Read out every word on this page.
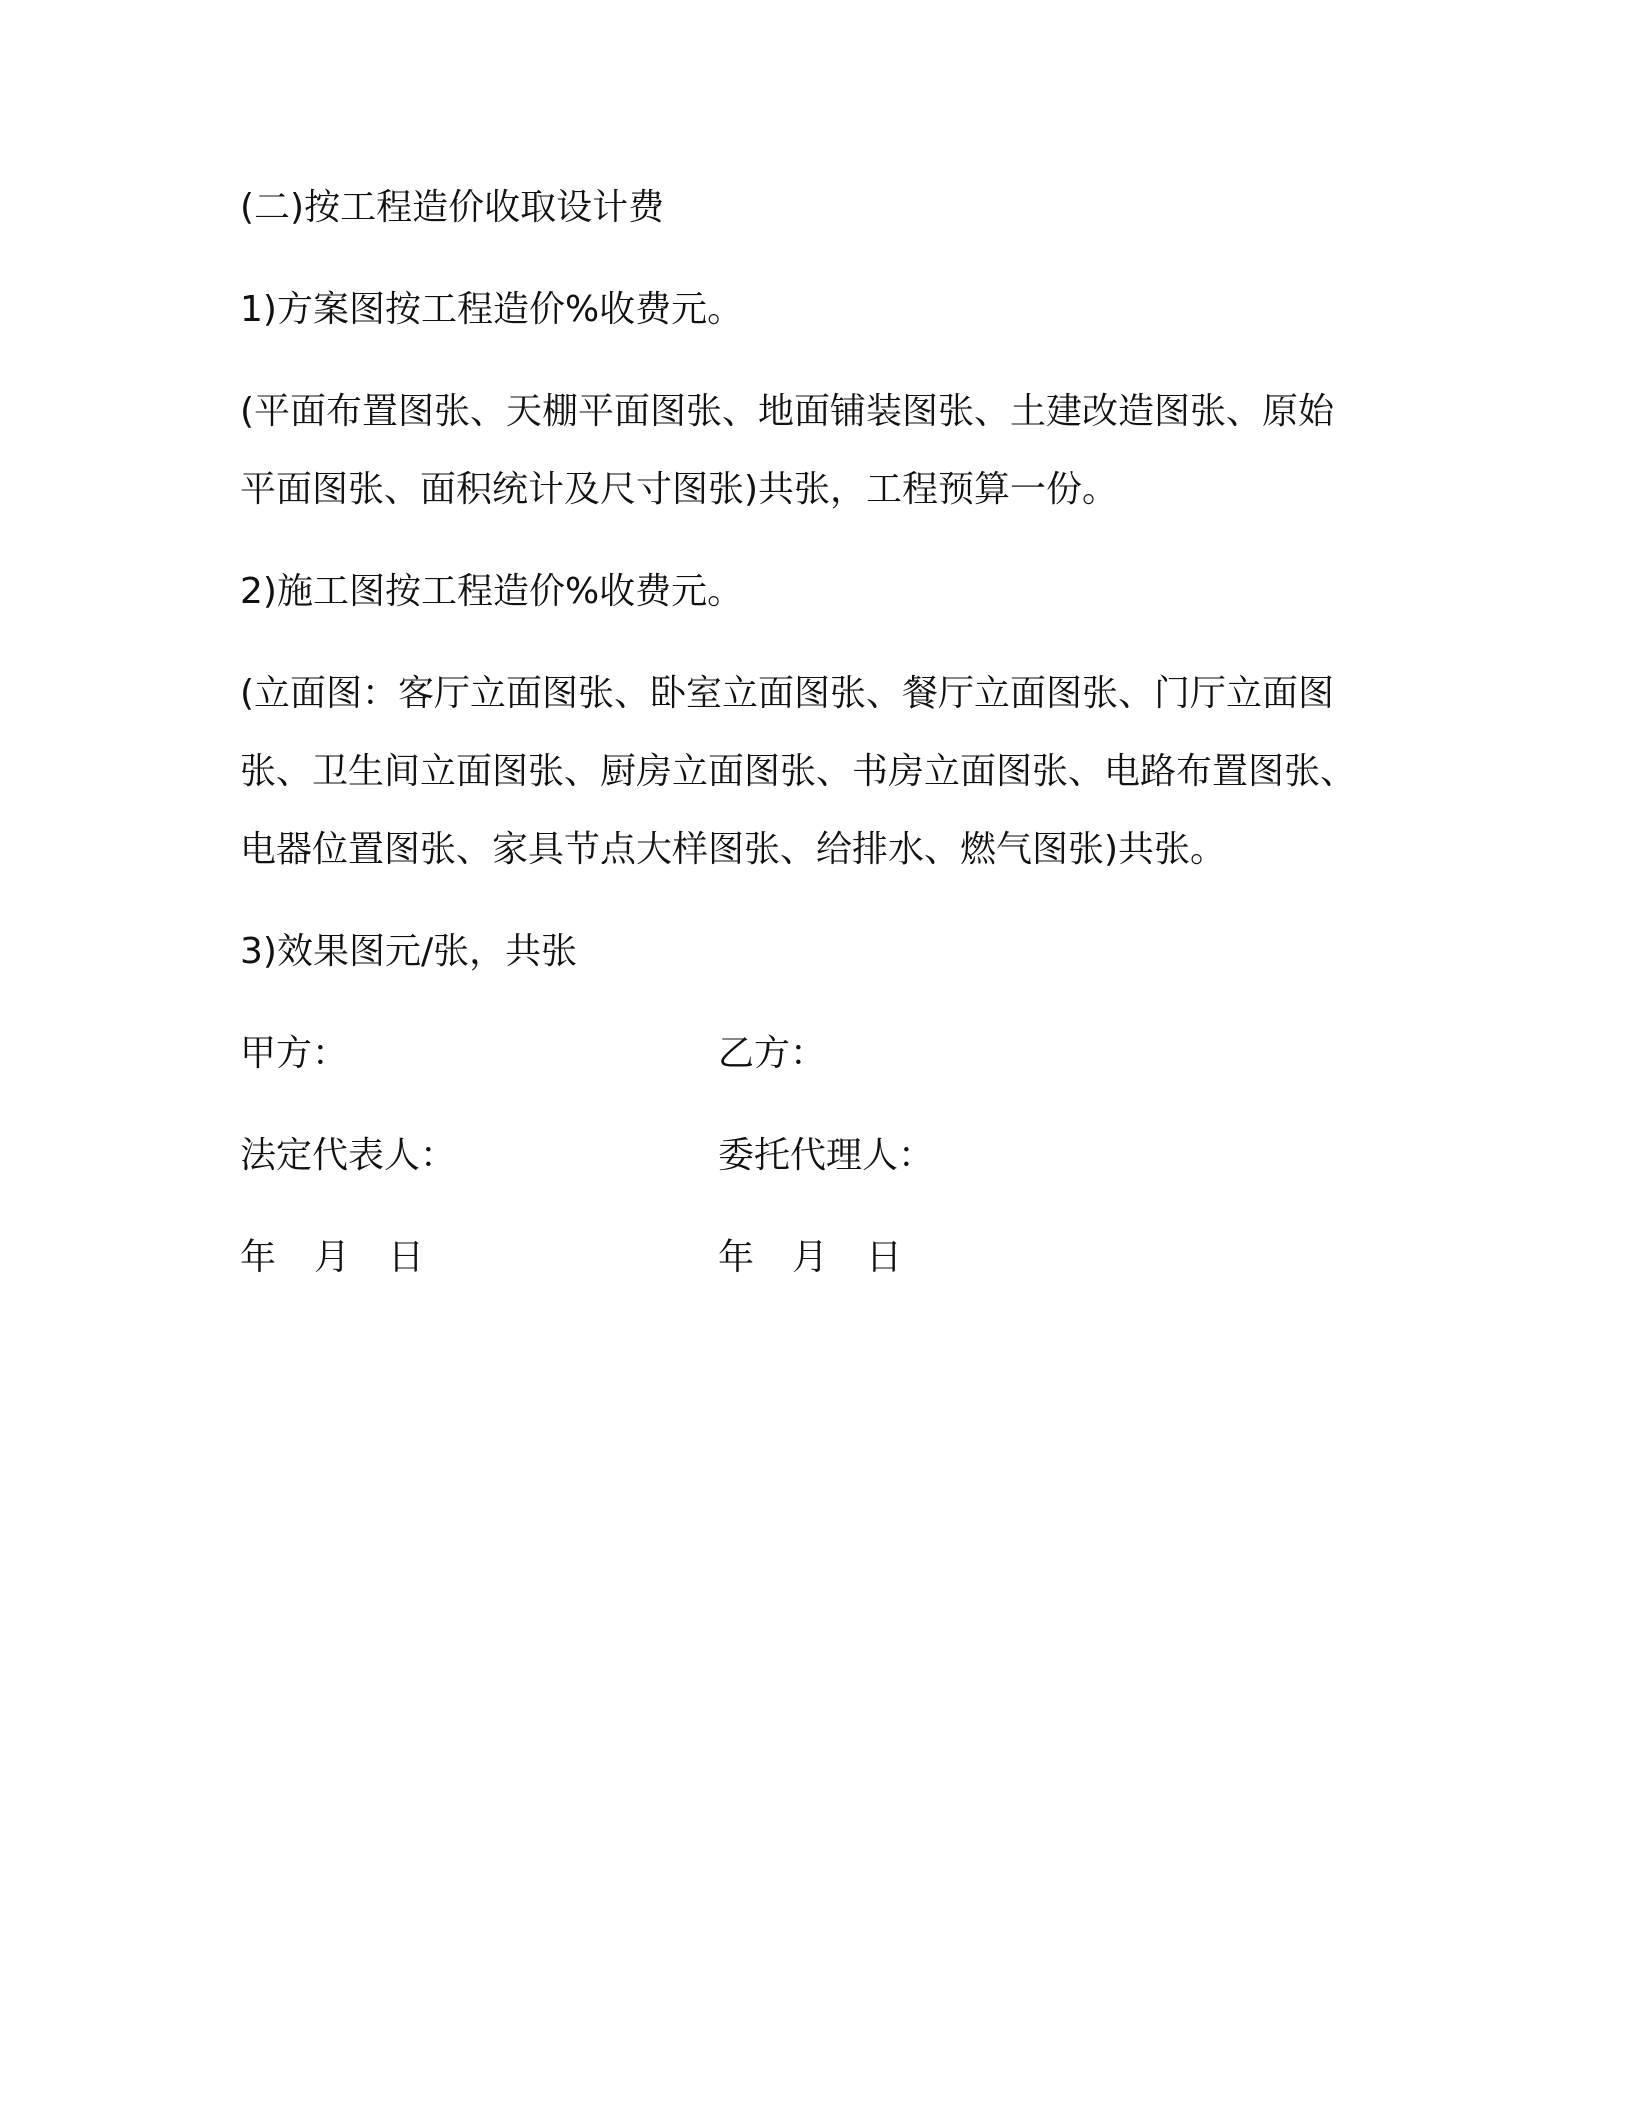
(二)按工程造价收取设计费

1)方案图按工程造价%收费元。

(平面布置图张、天棚平面图张、地面铺装图张、土建改造图张、原始
平面图张、面积统计及尺寸图张)共张，工程预算一份。

2)施工图按工程造价%收费元。

(立面图：客厅立面图张、卧室立面图张、餐厅立面图张、门厅立面图
张、卫生间立面图张、厨房立面图张、书房立面图张、电路布置图张、
电器位置图张、家具节点大样图张、给排水、燃气图张)共张。

3)效果图元/张，共张

甲方：	乙方：
法定代表人：	委托代理人：
年 月 日	年 月 日
